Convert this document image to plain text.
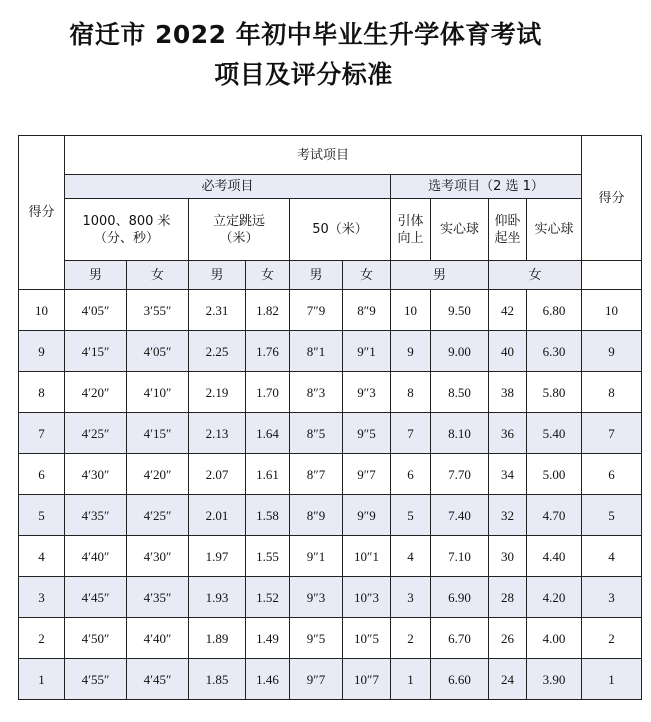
宿迁市 2022 年初中毕业生升学体育考试
项目及评分标准
得分	考试项目										得分
	必考项目						选考项目（2 选 1）				
	1000、800 米（分、秒）		立定跳远（米）		50（米）		引体向上	实心球	仰卧起坐	实心球	
	男	女	男	女	男	女	男		女		
10	4′05″	3′55″	2.31	1.82	7″9	8″9	10	9.50	42	6.80	10
9	4′15″	4′05″	2.25	1.76	8″1	9″1	9	9.00	40	6.30	9
8	4′20″	4′10″	2.19	1.70	8″3	9″3	8	8.50	38	5.80	8
7	4′25″	4′15″	2.13	1.64	8″5	9″5	7	8.10	36	5.40	7
6	4′30″	4′20″	2.07	1.61	8″7	9″7	6	7.70	34	5.00	6
5	4′35″	4′25″	2.01	1.58	8″9	9″9	5	7.40	32	4.70	5
4	4′40″	4′30″	1.97	1.55	9″1	10″1	4	7.10	30	4.40	4
3	4′45″	4′35″	1.93	1.52	9″3	10″3	3	6.90	28	4.20	3
2	4′50″	4′40″	1.89	1.49	9″5	10″5	2	6.70	26	4.00	2
1	4′55″	4′45″	1.85	1.46	9″7	10″7	1	6.60	24	3.90	1
